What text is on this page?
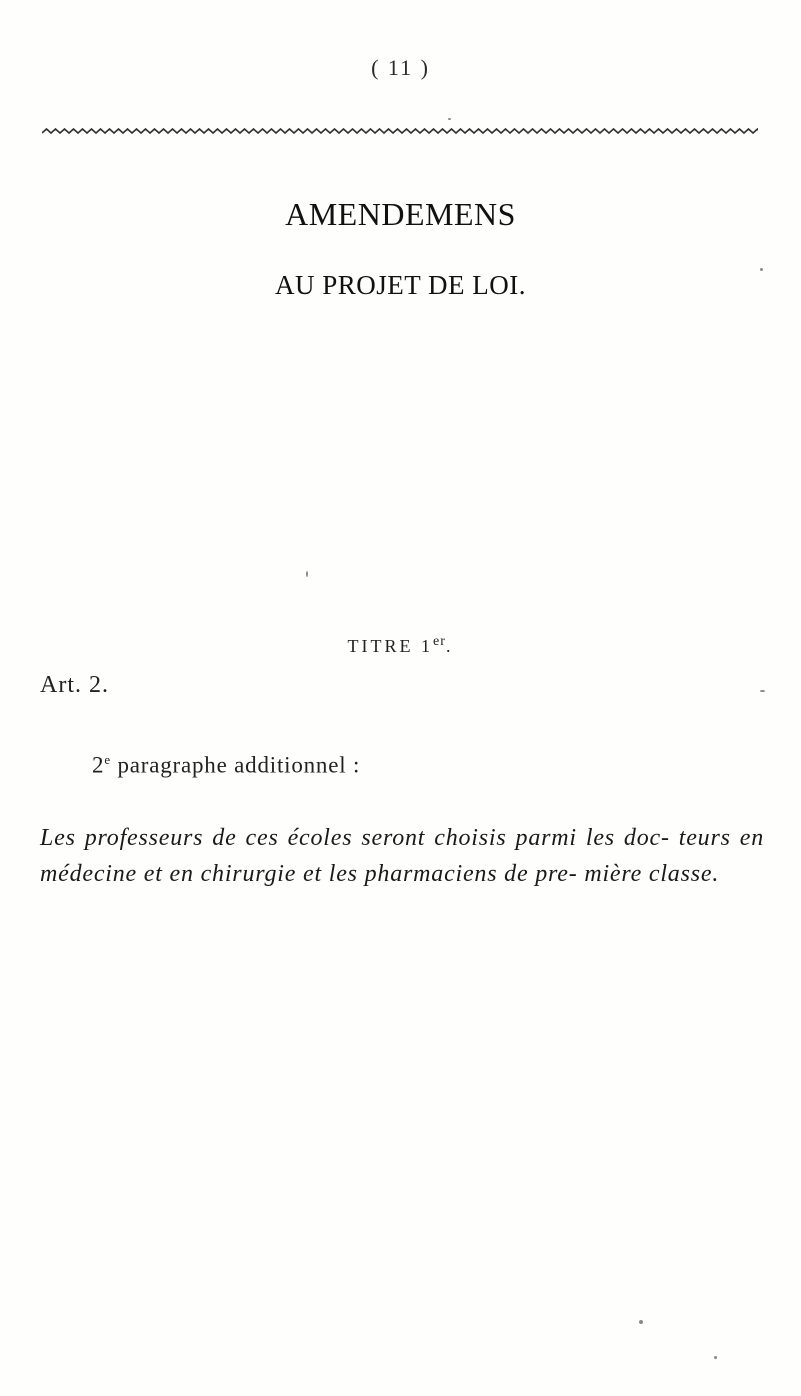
( 11 )
AMENDEMENS
AU PROJET DE LOI.
TITRE 1er.
Art. 2.
2e paragraphe additionnel :
Les professeurs de ces écoles seront choisis parmi les doc- teurs en médecine et en chirurgie et les pharmaciens de pre- mière classe.
